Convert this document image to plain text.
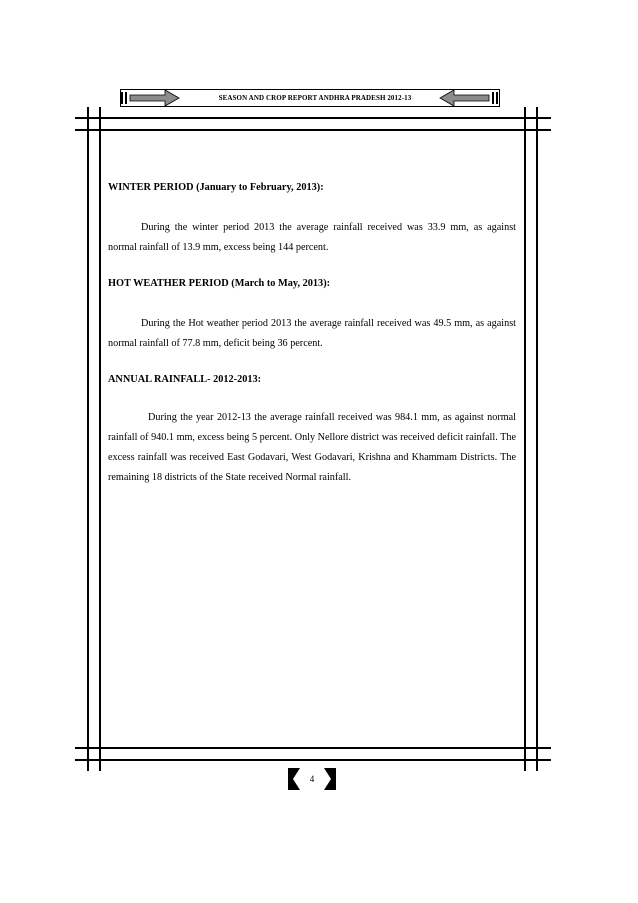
SEASON AND CROP REPORT ANDHRA PRADESH 2012-13
WINTER PERIOD (January to February, 2013):
During the winter period 2013 the average rainfall received was 33.9 mm, as against normal rainfall of 13.9 mm, excess being 144 percent.
HOT WEATHER PERIOD (March to May, 2013):
During the Hot weather period 2013 the average rainfall received was 49.5 mm, as against normal rainfall of 77.8 mm, deficit being 36 percent.
ANNUAL RAINFALL- 2012-2013:
During the year 2012-13 the average rainfall received was 984.1 mm, as against normal rainfall of 940.1 mm, excess being 5 percent. Only Nellore district was received deficit rainfall. The excess rainfall was received East Godavari, West Godavari, Krishna and Khammam Districts. The remaining 18 districts of the State received Normal rainfall.
4
